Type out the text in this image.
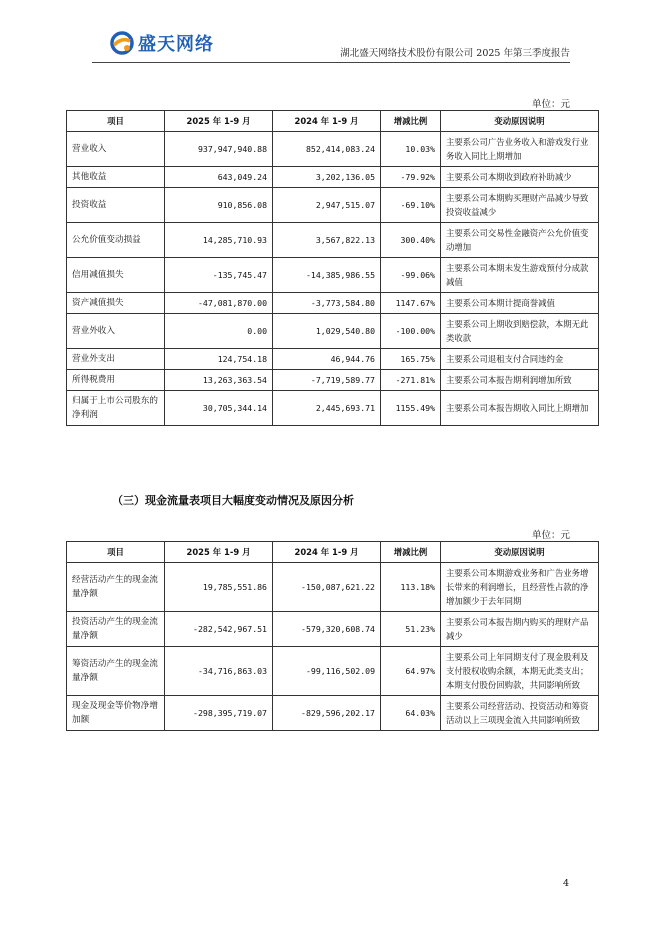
盛天网络	湖北盛天网络技术股份有限公司 2025 年第三季度报告
单位：元
项目	2025 年 1-9 月	2024 年 1-9 月	增减比例	变动原因说明
营业收入	937,947,940.88	852,414,083.24	10.03%	主要系公司广告业务收入和游戏发行业务收入同比上期增加
其他收益	643,049.24	3,202,136.05	-79.92%	主要系公司本期收到政府补助减少
投资收益	910,856.08	2,947,515.07	-69.10%	主要系公司本期购买理财产品减少导致投资收益减少
公允价值变动损益	14,285,710.93	3,567,822.13	300.40%	主要系公司交易性金融资产公允价值变动增加
信用减值损失	-135,745.47	-14,385,986.55	-99.06%	主要系公司本期未发生游戏预付分成款减值
资产减值损失	-47,081,870.00	-3,773,584.80	1147.67%	主要系公司本期计提商誉减值
营业外收入	0.00	1,029,540.80	-100.00%	主要系公司上期收到赔偿款，本期无此类收款
营业外支出	124,754.18	46,944.76	165.75%	主要系公司退租支付合同违约金
所得税费用	13,263,363.54	-7,719,589.77	-271.81%	主要系公司本报告期利润增加所致
归属于上市公司股东的净利润	30,705,344.14	2,445,693.71	1155.49%	主要系公司本报告期收入同比上期增加
（三）现金流量表项目大幅度变动情况及原因分析
单位：元
项目	2025 年 1-9 月	2024 年 1-9 月	增减比例	变动原因说明
经营活动产生的现金流量净额	19,785,551.86	-150,087,621.22	113.18%	主要系公司本期游戏业务和广告业务增长带来的利润增长，且经营性占款的净增加额少于去年同期
投资活动产生的现金流量净额	-282,542,967.51	-579,320,608.74	51.23%	主要系公司本报告期内购买的理财产品减少
筹资活动产生的现金流量净额	-34,716,863.03	-99,116,502.09	64.97%	主要系公司上年同期支付了现金股利及支付股权收购余额，本期无此类支出；本期支付股份回购款，共同影响所致
现金及现金等价物净增加额	-298,395,719.07	-829,596,202.17	64.03%	主要系公司经营活动、投资活动和筹资活动以上三项现金流入共同影响所致
4
